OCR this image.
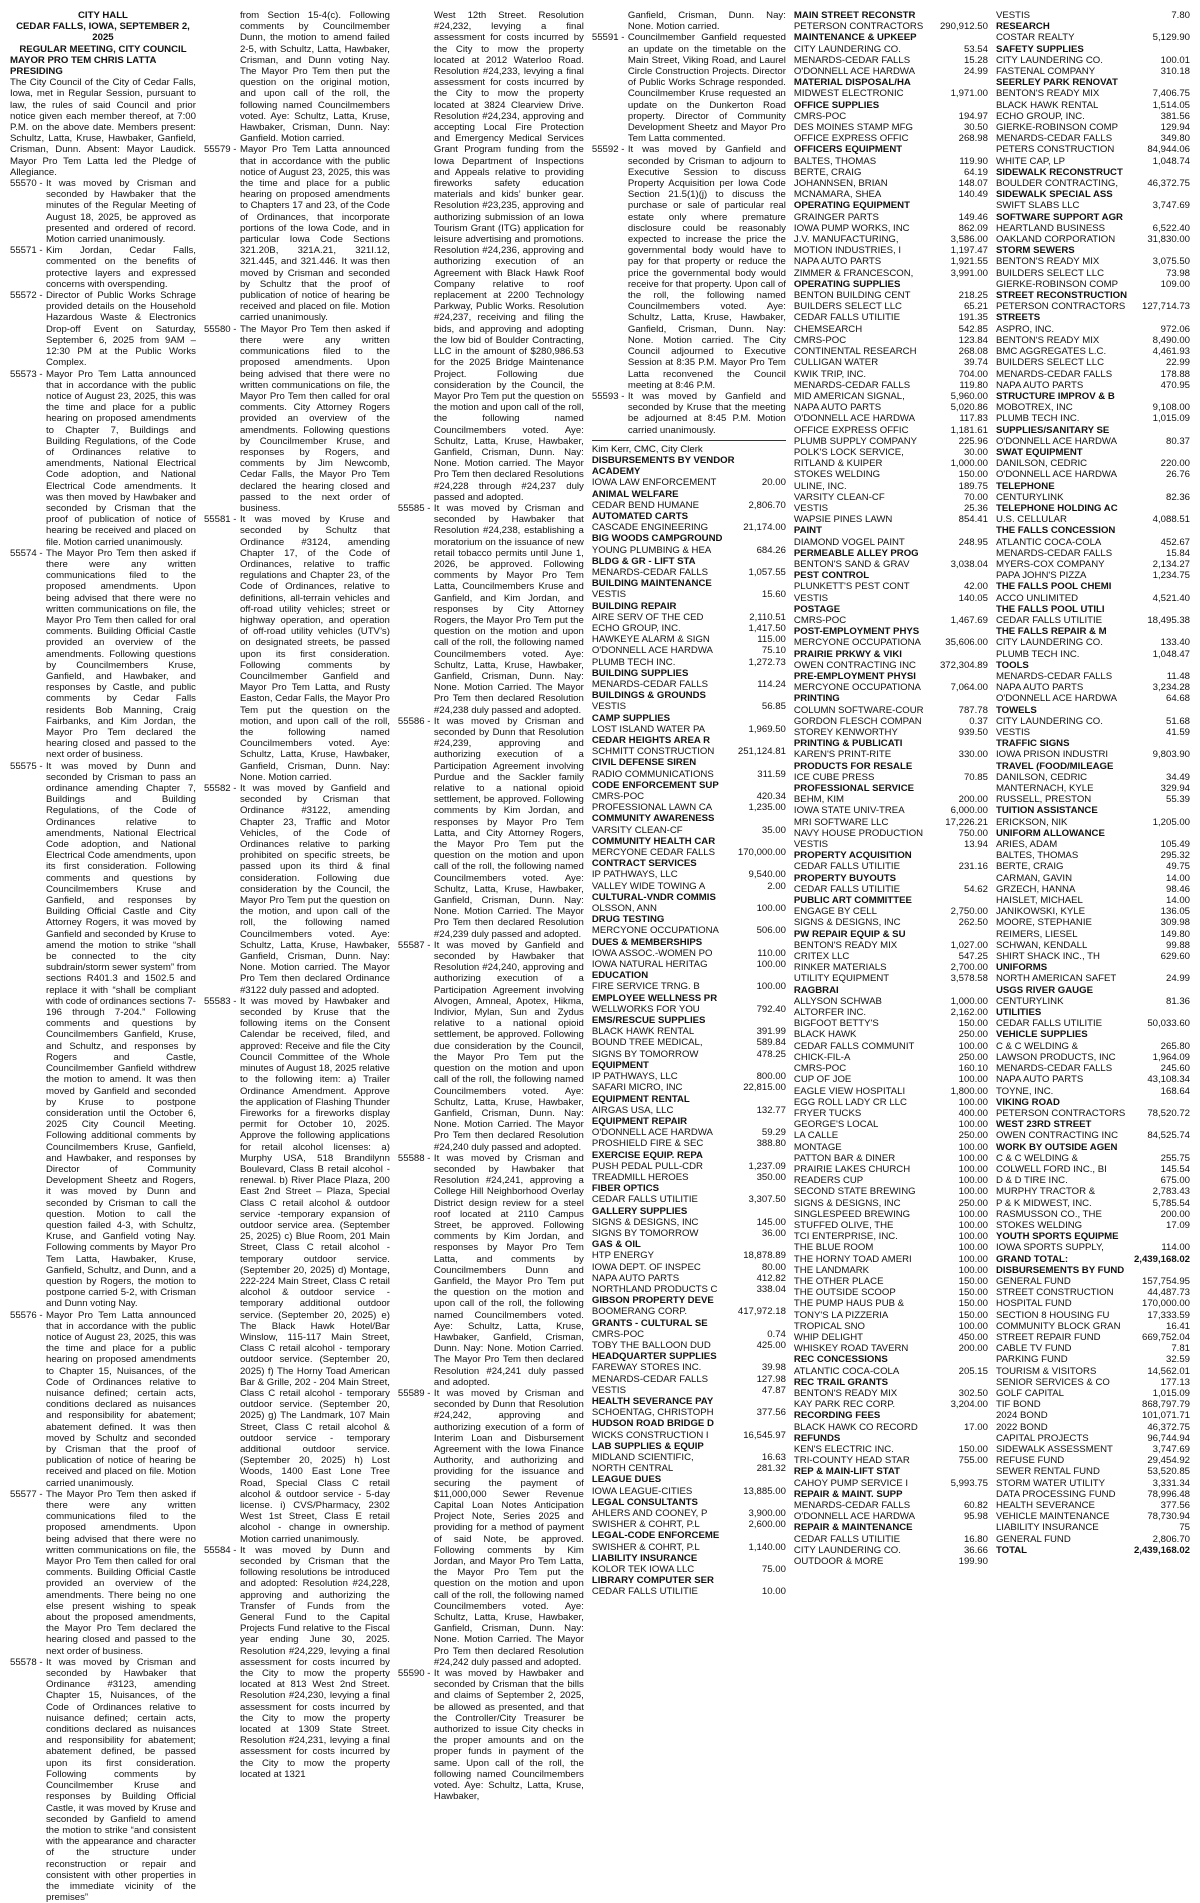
CITY HALL
CEDAR FALLS, IOWA, SEPTEMBER 2, 2025
REGULAR MEETING, CITY COUNCIL
MAYOR PRO TEM CHRIS LATTA PRESIDING
The City Council of the City of Cedar Falls, Iowa, met in Regular Session, pursuant to law, the rules of said Council and prior notice given each member thereof, at 7:00 P.M. on the above date. Members present: Schultz, Latta, Kruse, Hawbaker, Ganfield, Crisman, Dunn. Absent: Mayor Laudick. Mayor Pro Tem Latta led the Pledge of Allegiance.
55570 - It was moved by Crisman and seconded by Hawbaker that the minutes of the Regular Meeting of August 18, 2025, be approved as presented and ordered of record. Motion carried unanimously.
55571 - Kim Jordan, Cedar Falls, commented on the benefits of protective layers and expressed concerns with overspending.
55572 - Director of Public Works Schrage provided details on the Household Hazardous Waste & Electronics Drop-off Event on Saturday, September 6, 2025 from 9AM – 12:30 PM at the Public Works Complex.
55573 - Mayor Pro Tem Latta announced that in accordance with the public notice of August 23, 2025, this was the time and place for a public hearing on proposed amendments to Chapter 7, Buildings and Building Regulations, of the Code of Ordinances relative to amendments, National Electrical Code adoption, and National Electrical Code amendments. It was then moved by Hawbaker and seconded by Crisman that the proof of publication of notice of hearing be received and placed on file. Motion carried unanimously.
55574 - The Mayor Pro Tem then asked if there were any written communications filed to the proposed amendments. Upon being advised that there were no written communications on file, the Mayor Pro Tem then called for oral comments. Building Official Castle provided an overview of the amendments. Following questions by Councilmembers Kruse, Ganfield, and Hawbaker, and responses by Castle, and public comments by Cedar Falls residents Bob Manning, Craig Fairbanks, and Kim Jordan, the Mayor Pro Tem declared the hearing closed and passed to the next order of business.
55575 - It was moved by Dunn and seconded by Crisman to pass an ordinance amending Chapter 7, Buildings and Building Regulations, of the Code of Ordinances relative to amendments, National Electrical Code adoption, and National Electrical Code amendments, upon its first consideration. Following comments and questions by Councilmembers Kruse and Ganfield, and responses by Building Official Castle and City Attorney Rogers, it was moved by Ganfield and seconded by Kruse to amend the motion to strike “shall be connected to the city subdrain/storm sewer system” from sections R401.3 and 1502.5 and replace it with “shall be compliant with code of ordinances sections 7-196 through 7-204.” Following comments and questions by Councilmembers Ganfield, Kruse, and Schultz, and responses by Rogers and Castle, Councilmember Ganfield withdrew the motion to amend. It was then moved by Ganfield and seconded by Kruse to postpone consideration until the October 6, 2025 City Council Meeting. Following additional comments by Councilmembers Kruse, Ganfield, and Hawbaker, and responses by Director of Community Development Sheetz and Rogers, it was moved by Dunn and seconded by Crisman to call the question. Motion to call the question failed 4-3, with Schultz, Kruse, and Ganfield voting Nay. Following comments by Mayor Pro Tem Latta, Hawbaker, Kruse, Ganfield, Schultz, and Dunn, and a question by Rogers, the motion to postpone carried 5-2, with Crisman and Dunn voting Nay.
55576 - Mayor Pro Tem Latta announced that in accordance with the public notice of August 23, 2025, this was the time and place for a public hearing on proposed amendments to Chapter 15, Nuisances, of the Code of Ordinances relative to nuisance defined; certain acts, conditions declared as nuisances and responsibility for abatement; abatement defined. It was then moved by Schultz and seconded by Crisman that the proof of publication of notice of hearing be received and placed on file. Motion carried unanimously.
55577 - The Mayor Pro Tem then asked if there were any written communications filed to the proposed amendments. Upon being advised that there were no written communications on file, the Mayor Pro Tem then called for oral comments. Building Official Castle provided an overview of the amendments. There being no one else present wishing to speak about the proposed amendments, the Mayor Pro Tem declared the hearing closed and passed to the next order of business.
55578 - It was moved by Crisman and seconded by Hawbaker that Ordinance #3123, amending Chapter 15, Nuisances, of the Code of Ordinances relative to nuisance defined; certain acts, conditions declared as nuisances and responsibility for abatement; abatement defined, be passed upon its first consideration. Following comments by Councilmember Kruse and responses by Building Official Castle, it was moved by Kruse and seconded by Ganfield to amend the motion to strike “and consistent with the appearance and character of the structure under reconstruction or repair and consistent with other properties in the immediate vicinity of the premises”
from Section 15-4(c). Following comments by Councilmember Dunn, the motion to amend failed 2-5, with Schultz, Latta, Hawbaker, Crisman, and Dunn voting Nay. The Mayor Pro Tem then put the question on the original motion, and upon call of the roll, the following named Councilmembers voted. Aye: Schultz, Latta, Kruse, Hawbaker, Crisman, Dunn. Nay: Ganfield. Motion carried.
55579 - Mayor Pro Tem Latta announced that in accordance with the public notice of August 23, 2025, this was the time and place for a public hearing on proposed amendments to Chapters 17 and 23, of the Code of Ordinances, that incorporate portions of the Iowa Code, and in particular Iowa Code Sections 321.20B, 321A.21, 321I.12, 321.445, and 321.446. It was then moved by Crisman and seconded by Schultz that the proof of publication of notice of hearing be received and placed on file. Motion carried unanimously.
55580 - The Mayor Pro Tem then asked if there were any written communications filed to the proposed amendments. Upon being advised that there were no written communications on file, the Mayor Pro Tem then called for oral comments. City Attorney Rogers provided an overview of the amendments. Following questions by Councilmember Kruse, and responses by Rogers, and comments by Jim Newcomb, Cedar Falls, the Mayor Pro Tem declared the hearing closed and passed to the next order of business.
55581 - It was moved by Kruse and seconded by Schultz that Ordinance #3124, amending Chapter 17, of the Code of Ordinances, relative to traffic regulations and Chapter 23, of the Code of Ordinances, relative to definitions, all-terrain vehicles and off-road utility vehicles; street or highway operation, and operation of off-road utility vehicles (UTV’s) on designated streets, be passed upon its first consideration. Following comments by Councilmember Ganfield and Mayor Pro Tem Latta, and Rusty Easton, Cedar Falls, the Mayor Pro Tem put the question on the motion, and upon call of the roll, the following named Councilmembers voted. Aye: Schultz, Latta, Kruse, Hawbaker, Ganfield, Crisman, Dunn. Nay: None. Motion carried.
55582 - It was moved by Ganfield and seconded by Crisman that Ordinance #3122, amending Chapter 23, Traffic and Motor Vehicles, of the Code of Ordinances relative to parking prohibited on specific streets, be passed upon its third & final consideration. Following due consideration by the Council, the Mayor Pro Tem put the question on the motion, and upon call of the roll, the following named Councilmembers voted. Aye: Schultz, Latta, Kruse, Hawbaker, Ganfield, Crisman, Dunn. Nay: None. Motion carried. The Mayor Pro Tem then declared Ordinance #3122 duly passed and adopted.
55583 - It was moved by Hawbaker and seconded by Kruse that the following items on the Consent Calendar be received, filed, and approved: Receive and file the City Council Committee of the Whole minutes of August 18, 2025 relative to the following item: a) Trailer Ordinance Amendment. Approve the application of Flashing Thunder Fireworks for a fireworks display permit for October 10, 2025. Approve the following applications for retail alcohol licenses: a) Murphy USA, 518 Brandilynn Boulevard, Class B retail alcohol - renewal. b) River Place Plaza, 200 East 2nd Street – Plaza, Special Class C retail alcohol & outdoor service -temporary expansion of outdoor service area. (September 25, 2025) c) Blue Room, 201 Main Street, Class C retail alcohol - temporary outdoor service. (September 20, 2025) d) Montage, 222-224 Main Street, Class C retail alcohol & outdoor service - temporary additional outdoor service. (September 20, 2025) e) The Black Hawk Hotel/Bar Winslow, 115-117 Main Street, Class C retail alcohol - temporary outdoor service. (September 20, 2025) f) The Horny Toad American Bar & Grille, 202 - 204 Main Street, Class C retail alcohol - temporary outdoor service. (September 20, 2025) g) The Landmark, 107 Main Street, Class C retail alcohol & outdoor service - temporary additional outdoor service. (September 20, 2025) h) Lost Woods, 1400 East Lone Tree Road, Special Class C retail alcohol & outdoor service - 5-day license. i) CVS/Pharmacy, 2302 West 1st Street, Class E retail alcohol - change in ownership. Motion carried unanimously.
55584 - It was moved by Dunn and seconded by Crisman that the following resolutions be introduced and adopted: Resolution #24,228, approving and authorizing the Transfer of Funds from the General Fund to the Capital Projects Fund relative to the Fiscal year ending June 30, 2025. Resolution #24,229, levying a final assessment for costs incurred by the City to mow the property located at 813 West 2nd Street. Resolution #24,230, levying a final assessment for costs incurred by the City to mow the property located at 1309 State Street. Resolution #24,231, levying a final assessment for costs incurred by the City to mow the property located at 1321
West 12th Street. Resolution #24,232, levying a final assessment for costs incurred by the City to mow the property located at 2012 Waterloo Road. Resolution #24,233, levying a final assessment for costs incurred by the City to mow the property located at 3824 Clearview Drive. Resolution #24,234, approving and accepting Local Fire Protection and Emergency Medical Services Grant Program funding from the Iowa Department of Inspections and Appeals relative to providing fireworks safety education materials and kids’ bunker gear. Resolution #23,235, approving and authorizing submission of an Iowa Tourism Grant (ITG) application for leisure advertising and promotions. Resolution #24,236, approving and authorizing execution of an Agreement with Black Hawk Roof Company relative to roof replacement at 2200 Technology Parkway, Public Works. Resolution #24,237, receiving and filing the bids, and approving and adopting the low bid of Boulder Contracting, LLC in the amount of $280,986.53 for the 2025 Bridge Maintenance Project. Following due consideration by the Council, the Mayor Pro Tem put the question on the motion and upon call of the roll, the following named Councilmembers voted. Aye: Schultz, Latta, Kruse, Hawbaker, Ganfield, Crisman, Dunn. Nay: None. Motion carried. The Mayor Pro Tem then declared Resolutions #24,228 through #24,237 duly passed and adopted.
55585 - It was moved by Crisman and seconded by Hawbaker that Resolution #24,238, establishing a moratorium on the issuance of new retail tobacco permits until June 1, 2026, be approved. Following comments by Mayor Pro Tem Latta, Councilmembers Kruse and Ganfield, and Kim Jordan, and responses by City Attorney Rogers, the Mayor Pro Tem put the question on the motion and upon call of the roll, the following named Councilmembers voted. Aye: Schultz, Latta, Kruse, Hawbaker, Ganfield, Crisman, Dunn. Nay: None. Motion Carried. The Mayor Pro Tem then declared Resolution #24,238 duly passed and adopted.
55586 - It was moved by Crisman and seconded by Dunn that Resolution #24,239, approving and authorizing execution of a Participation Agreement involving Purdue and the Sackler family relative to a national opioid settlement, be approved. Following comments by Kim Jordan, and responses by Mayor Pro Tem Latta, and City Attorney Rogers, the Mayor Pro Tem put the question on the motion and upon call of the roll, the following named Councilmembers voted. Aye: Schultz, Latta, Kruse, Hawbaker, Ganfield, Crisman, Dunn. Nay: None. Motion Carried. The Mayor Pro Tem then declared Resolution #24,239 duly passed and adopted.
55587 - It was moved by Ganfield and seconded by Hawbaker that Resolution #24,240, approving and authorizing execution of a Participation Agreement involving Alvogen, Amneal, Apotex, Hikma, Indivior, Mylan, Sun and Zydus relative to a national opioid settlement, be approved. Following due consideration by the Council, the Mayor Pro Tem put the question on the motion and upon call of the roll, the following named Councilmembers voted. Aye: Schultz, Latta, Kruse, Hawbaker, Ganfield, Crisman, Dunn. Nay: None. Motion Carried. The Mayor Pro Tem then declared Resolution #24,240 duly passed and adopted.
55588 - It was moved by Crisman and seconded by Hawbaker that Resolution #24,241, approving a College Hill Neighborhood Overlay District design review for a steel roof located at 2110 Campus Street, be approved. Following comments by Kim Jordan, and responses by Mayor Pro Tem Latta, and comments by Councilmembers Dunn and Ganfield, the Mayor Pro Tem put the question on the motion and upon call of the roll, the following named Councilmembers voted. Aye: Schultz, Latta, Kruse, Hawbaker, Ganfield, Crisman, Dunn. Nay: None. Motion Carried. The Mayor Pro Tem then declared Resolution #24,241 duly passed and adopted.
55589 - It was moved by Crisman and seconded by Dunn that Resolution #24,242, approving and authorizing execution of a form of Interim Loan and Disbursement Agreement with the Iowa Finance Authority, and authorizing and providing for the issuance and securing the payment of $11,000,000 Sewer Revenue Capital Loan Notes Anticipation Project Note, Series 2025 and providing for a method of payment of said Note, be approved. Following comments by Kim Jordan, and Mayor Pro Tem Latta, the Mayor Pro Tem put the question on the motion and upon call of the roll, the following named Councilmembers voted. Aye: Schultz, Latta, Kruse, Hawbaker, Ganfield, Crisman, Dunn. Nay: None. Motion Carried. The Mayor Pro Tem then declared Resolution #24,242 duly passed and adopted.
55590 - It was moved by Hawbaker and seconded by Crisman that the bills and claims of September 2, 2025, be allowed as presented, and that the Controller/City Treasurer be authorized to issue City checks in the proper amounts and on the proper funds in payment of the same. Upon call of the roll, the following named Councilmembers voted. Aye: Schultz, Latta, Kruse, Hawbaker,
Ganfield, Crisman, Dunn. Nay: None. Motion carried.
55591 - Councilmember Ganfield requested an update on the timetable on the Main Street, Viking Road, and Laurel Circle Construction Projects. Director of Public Works Schrage responded. Councilmember Kruse requested an update on the Dunkerton Road property. Director of Community Development Sheetz and Mayor Pro Tem Latta commented.
55592 - It was moved by Ganfield and seconded by Crisman to adjourn to Executive Session to discuss Property Acquisition per Iowa Code Section 21.5(1)(j) to discuss the purchase or sale of particular real estate only where premature disclosure could be reasonably expected to increase the price the governmental body would have to pay for that property or reduce the price the governmental body would receive for that property. Upon call of the roll, the following named Councilmembers voted. Aye: Schultz, Latta, Kruse, Hawbaker, Ganfield, Crisman, Dunn. Nay: None. Motion carried. The City Council adjourned to Executive Session at 8:35 P.M. Mayor Pro Tem Latta reconvened the Council meeting at 8:46 P.M.
55593 - It was moved by Ganfield and seconded by Kruse that the meeting be adjourned at 8:45 P.M. Motion carried unanimously.
Kim Kerr, CMC, City Clerk
DISBURSEMENTS BY VENDOR
ACADEMY
IOWA LAW ENFORCEMENT	20.00
ANIMAL WELFARE
CEDAR BEND HUMANE	2,806.70
AUTOMATED CARTS
CASCADE ENGINEERING	21,174.00
BIG WOODS CAMPGROUND
YOUNG PLUMBING & HEA	684.26
BLDG & GR - LIFT STA
MENARDS-CEDAR FALLS	1,057.55
BUILDING MAINTENANCE
VESTIS	15.60
BUILDING REPAIR
AIRE SERV OF THE CED	2,110.51
ECHO GROUP, INC.	1,417.50
HAWKEYE ALARM & SIGN	115.00
O'DONNELL ACE HARDWA	75.10
PLUMB TECH INC.	1,272.73
BUILDING SUPPLIES
MENARDS-CEDAR FALLS	114.24
BUILDINGS & GROUNDS
VESTIS	56.85
CAMP SUPPLIES
LOST ISLAND WATER PA	1,969.50
CEDAR HEIGHTS AREA R
SCHMITT CONSTRUCTION 251,124.81
CIVIL DEFENSE SIREN
RADIO COMMUNICATIONS	311.59
CODE ENFORCEMENT SUP
CMRS-POC	420.34
PROFESSIONAL LAWN CA	1,235.00
COMMUNITY AWARENESS
VARSITY CLEAN-CF	35.00
COMMUNITY HEALTH CAR
MERCYONE CEDAR FALLS 170,000.00
CONTRACT SERVICES
IP PATHWAYS, LLC	9,540.00
VALLEY WIDE TOWING A	2.00
CULTURAL-VNDR COMMIS
OLSSON, ANN	100.00
DRUG TESTING
MERCYONE OCCUPATIONA	506.00
DUES & MEMBERSHIPS
IOWA ASSOC.-WOMEN PO	110.00
IOWA NATURAL HERITAG	100.00
EDUCATION
FIRE SERVICE TRNG. B	100.00
EMPLOYEE WELLNESS PR
WELLWORKS FOR YOU	792.40
EMS/RESCUE SUPPLIES
BLACK HAWK RENTAL	391.99
BOUND TREE MEDICAL,	589.84
SIGNS BY TOMORROW	478.25
EQUIPMENT
IP PATHWAYS, LLC	800.00
SAFARI MICRO, INC	22,815.00
EQUIPMENT RENTAL
AIRGAS USA, LLC	132.77
EQUIPMENT REPAIR
O'DONNELL ACE HARDWA	59.29
PROSHIELD FIRE & SEC	388.80
EXERCISE EQUIP. REPA
PUSH PEDAL PULL-CDR	1,237.09
TREADMILL HEROES	350.00
FIBER OPTICS
CEDAR FALLS UTILITIE	3,307.50
GALLERY SUPPLIES
SIGNS & DESIGNS, INC	145.00
SIGNS BY TOMORROW	36.00
GAS & OIL
HTP ENERGY	18,878.89
IOWA DEPT. OF INSPEC	80.00
NAPA AUTO PARTS	412.82
NORTHLAND PRODUCTS C	338.04
GIBSON PROPERTY DEVE
BOOMERANG CORP.	417,972.18
GRANTS - CULTURAL SE
CMRS-POC	0.74
TOBY THE BALLOON DUD	425.00
HEADQUARTER SUPPLIES
FAREWAY STORES INC.	39.98
MENARDS-CEDAR FALLS	127.98
VESTIS	47.87
HEALTH SEVERANCE PAY
SCHOENTAG, CHRISTOPH	377.56
HUDSON ROAD BRIDGE D
WICKS CONSTRUCTION I	16,545.97
LAB SUPPLIES & EQUIP
MIDLAND SCIENTIFIC,	16.63
NORTH CENTRAL	281.32
LEAGUE DUES
IOWA LEAGUE-CITIES	13,885.00
LEGAL CONSULTANTS
AHLERS AND COONEY, P	3,900.00
SWISHER & COHRT, P.L	2,600.00
LEGAL-CODE ENFORCEME
SWISHER & COHRT, P.L	1,140.00
LIABILITY INSURANCE
KOLOR TEK IOWA LLC	75.00
LIBRARY COMPUTER SER
CEDAR FALLS UTILITIE	10.00
MAIN STREET RECONSTR
PETERSON CONTRACTORS 290,912.50
MAINTENANCE & UPKEEP
CITY LAUNDERING CO.	53.54
MENARDS-CEDAR FALLS	15.28
O'DONNELL ACE HARDWA	24.99
MATERIAL DISPOSAL/HA
MIDWEST ELECTRONIC	1,971.00
OFFICE SUPPLIES
CMRS-POC	194.97
DES MOINES STAMP MFG	30.50
OFFICE EXPRESS OFFIC	268.98
OFFICERS EQUIPMENT
BALTES, THOMAS	119.90
BERTE, CRAIG	64.19
JOHANNSEN, BRIAN	148.07
MCNAMARA, SHEA	140.49
OPERATING EQUIPMENT
GRAINGER PARTS	149.46
IOWA PUMP WORKS, INC	862.09
J.V. MANUFACTURING,	3,586.00
MOTION INDUSTRIES, I	1,197.47
NAPA AUTO PARTS	1,921.55
ZIMMER & FRANCESCON,	3,991.00
OPERATING SUPPLIES
BENTON BUILDING CENT	218.25
BUILDERS SELECT LLC	65.21
CEDAR FALLS UTILITIE	191.35
CHEMSEARCH	542.85
CMRS-POC	123.84
CONTINENTAL RESEARCH	268.08
CULLIGAN WATER	39.74
KWIK TRIP, INC.	704.00
MENARDS-CEDAR FALLS	119.80
MID AMERICAN SIGNAL,	5,960.00
NAPA AUTO PARTS	5,020.86
O'DONNELL ACE HARDWA	117.83
OFFICE EXPRESS OFFIC	1,181.61
PLUMB SUPPLY COMPANY	225.96
POLK'S LOCK SERVICE,	30.00
RITLAND & KUIPER	1,000.00
STOKES WELDING	150.00
ULINE, INC.	189.75
VARSITY CLEAN-CF	70.00
VESTIS	25.36
WAPSIE PINES LAWN	854.41
PAINT
DIAMOND VOGEL PAINT	248.95
PERMEABLE ALLEY PROG
BENTON'S SAND & GRAV	3,038.04
PEST CONTROL
PLUNKETT'S PEST CONT	42.00
VESTIS	140.05
POSTAGE
CMRS-POC	1,467.69
POST-EMPLOYMENT PHYS
MERCYONE OCCUPATIONA	35,606.00
PRAIRIE PRKWY & VIKI
OWEN CONTRACTING INC 372,304.89
PRE-EMPLOYMENT PHYSI
MERCYONE OCCUPATIONA	7,064.00
PRINTING
COLUMN SOFTWARE-COUR	787.78
GORDON FLESCH COMPAN	0.37
STOREY KENWORTHY	939.50
PRINTING & PUBLICATI
KAREN'S PRINT-RITE	330.00
PRODUCTS FOR RESALE
ICE CUBE PRESS	70.85
PROFESSIONAL SERVICE
BEHM, KIM	200.00
IOWA STATE UNIV-TREA	6,000.00
MRI SOFTWARE LLC	17,226.21
NAVY HOUSE PRODUCTION	750.00
VESTIS	13.94
PROPERTY ACQUISITION
CEDAR FALLS UTILITIE	231.16
PROPERTY BUYOUTS
CEDAR FALLS UTILITIE	54.62
PUBLIC ART COMMITTEE
ENGAGE BY CELL	2,750.00
SIGNS & DESIGNS, INC	262.50
PW REPAIR EQUIP & SU
BENTON'S READY MIX	1,027.00
CRITEX LLC	547.25
RINKER MATERIALS	2,700.00
UTILITY EQUIPMENT	3,578.58
RAGBRAI
ALLYSON SCHWAB	1,000.00
ALTORFER INC.	2,162.00
BIGFOOT BETTY'S	150.00
BLACK HAWK	250.00
CEDAR FALLS COMMUNIT	100.00
CHICK-FIL-A	250.00
CMRS-POC	160.10
CUP OF JOE	100.00
EAGLE VIEW HOSPITALI	1,800.00
EGG ROLL LADY CR LLC	100.00
FRYER TUCKS	400.00
GEORGE'S LOCAL	100.00
LA CALLE	250.00
MONTAGE	100.00
PATTON BAR & DINER	100.00
PRAIRIE LAKES CHURCH	100.00
READERS CUP	100.00
SECOND STATE BREWING	100.00
SIGNS & DESIGNS, INC	250.00
SINGLESPEED BREWING	100.00
STUFFED OLIVE, THE	100.00
TCI ENTERPRISE, INC.	100.00
THE BLUE ROOM	100.00
THE HORNY TOAD AMERI	100.00
THE LANDMARK	100.00
THE OTHER PLACE	150.00
THE OUTSIDE SCOOP	150.00
THE PUMP HAUS PUB &	150.00
TONY'S LA PIZZERIA	150.00
TROPICAL SNO	100.00
WHIP DELIGHT	450.00
WHISKEY ROAD TAVERN	200.00
REC CONCESSIONS
ATLANTIC COCA-COLA	205.15
REC TRAIL GRANTS
BENTON'S READY MIX	302.50
KAY PARK REC CORP.	3,204.00
RECORDING FEES
BLACK HAWK CO RECORD	17.00
REFUNDS
KEN'S ELECTRIC INC.	150.00
TRI-COUNTY HEAD STAR	755.00
REP & MAIN-LIFT STAT
CAHOY PUMP SERVICE I	5,993.75
REPAIR & MAINT. SUPP
MENARDS-CEDAR FALLS	60.82
O'DONNELL ACE HARDWA	95.98
REPAIR & MAINTENANCE
CEDAR FALLS UTILITIE	16.80
CITY LAUNDERING CO.	36.66
OUTDOOR & MORE	199.90
VESTIS	7.80
RESEARCH
COSTAR REALTY	5,129.90
SAFETY SUPPLIES
CITY LAUNDERING CO.	100.01
FASTENAL COMPANY	310.18
SEERLEY PARK RENOVAT
BENTON'S READY MIX	7,406.75
BLACK HAWK RENTAL	1,514.05
ECHO GROUP, INC.	381.56
GIERKE-ROBINSON COMP	129.94
MENARDS-CEDAR FALLS	349.80
PETERS CONSTRUCTION	84,944.06
WHITE CAP, LP	1,048.74
SIDEWALK RECONSTRUCT
BOULDER CONTRACTING,	46,372.75
SIDEWALK SPECIAL ASS
SWIFT SLABS LLC	3,747.69
SOFTWARE SUPPORT AGR
HEARTLAND BUSINESS	6,522.40
OAKLAND CORPORATION	31,830.00
STORM SEWERS
BENTON'S READY MIX	3,075.50
BUILDERS SELECT LLC	73.98
GIERKE-ROBINSON COMP	109.00
STREET RECONSTRUCTION
PETERSON CONTRACTORS 127,714.73
STREETS
ASPRO, INC.	972.06
BENTON'S READY MIX	8,490.00
BMC AGGREGATES L.C.	4,461.93
BUILDERS SELECT LLC	22.99
MENARDS-CEDAR FALLS	178.88
NAPA AUTO PARTS	470.95
STRUCTURE IMPROV & B
MOBOTREX, INC	9,108.00
PLUMB TECH INC.	1,015.09
SUPPLIES/SANITARY SE
O'DONNELL ACE HARDWA	80.37
SWAT EQUIPMENT
DANILSON, CEDRIC	220.00
O'DONNELL ACE HARDWA	26.76
TELEPHONE
CENTURYLINK	82.36
TELEPHONE HOLDING AC
U.S. CELLULAR	4,088.51
THE FALLS CONCESSION
ATLANTIC COCA-COLA	452.67
MENARDS-CEDAR FALLS	15.84
MYERS-COX COMPANY	2,134.27
PAPA JOHN'S PIZZA	1,234.75
THE FALLS POOL CHEMI
ACCO UNLIMITED	4,521.40
THE FALLS POOL UTILI
CEDAR FALLS UTILITIE	18,495.38
THE FALLS REPAIR & M
CITY LAUNDERING CO.	133.40
PLUMB TECH INC.	1,048.47
TOOLS
MENARDS-CEDAR FALLS	11.48
NAPA AUTO PARTS	3,234.28
O'DONNELL ACE HARDWA	64.68
TOWELS
CITY LAUNDERING CO.	51.68
VESTIS	41.59
TRAFFIC SIGNS
IOWA PRISON INDUSTRI	9,803.90
TRAVEL (FOOD/MILEAGE
DANILSON, CEDRIC	34.49
MANTERNACH, KYLE	329.94
RUSSELL, PRESTON	55.39
TUITION ASSISTANCE
ERICKSON, NIK	1,205.00
UNIFORM ALLOWANCE
ARIES, ADAM	105.49
BALTES, THOMAS	295.32
BERTE, CRAIG	49.75
CARMAN, GAVIN	14.00
GRZECH, HANNA	98.46
HAISLET, MICHAEL	14.00
JANIKOWSKI, KYLE	136.05
MOORE, STEPHANIE	309.98
REIMERS, LIESEL	149.80
SCHWAN, KENDALL	99.88
SHIRT SHACK INC., TH	629.60
UNIFORMS
NORTH AMERICAN SAFET	24.99
USGS RIVER GAUGE
CENTURYLINK	81.36
UTILITIES
CEDAR FALLS UTILITIE	50,033.60
VEHICLE SUPPLIES
C & C WELDING &	265.80
LAWSON PRODUCTS, INC	1,964.09
MENARDS-CEDAR FALLS	245.60
NAPA AUTO PARTS	43,108.34
TOYNE, INC.	168.64
VIKING ROAD
PETERSON CONTRACTORS 78,520.72
WEST 23RD STREET
OWEN CONTRACTING INC	84,525.74
WORK BY OUTSIDE AGEN
C & C WELDING &	255.75
COLWELL FORD INC., BI	145.54
D & D TIRE INC.	675.00
MURPHY TRACTOR &	2,783.43
P & K MIDWEST, INC.	5,785.54
RASMUSSON CO., THE	200.00
STOKES WELDING	17.09
YOUTH SPORTS EQUIPME
IOWA SPORTS SUPPLY,	114.00
GRAND TOTAL:	2,439,168.02
DISBURSEMENTS BY FUND
GENERAL FUND	157,754.95
STREET CONSTRUCTION	44,487.73
HOSPITAL FUND	170,000.00
SECTION 8 HOUSING FU	17,333.59
COMMUNITY BLOCK GRAN	16.41
STREET REPAIR FUND	669,752.04
CABLE TV FUND	7.81
PARKING FUND	32.59
TOURISM & VISITORS	14,562.01
SENIOR SERVICES & CO	177.13
GOLF CAPITAL	1,015.09
TIF BOND	868,797.79
2024 BOND	101,071.71
2022 BOND	46,372.75
CAPITAL PROJECTS	96,744.94
SIDEWALK ASSESSMENT	3,747.69
REFUSE FUND	29,454.92
SEWER RENTAL FUND	53,520.85
STORM WATER UTILITY	3,331.34
DATA PROCESSING FUND	78,996.48
HEALTH SEVERANCE	377.56
VEHICLE MAINTENANCE	78,730.94
LIABILITY INSURANCE	75
GENERAL FUND	2,806.70
TOTAL	2,439,168.02
